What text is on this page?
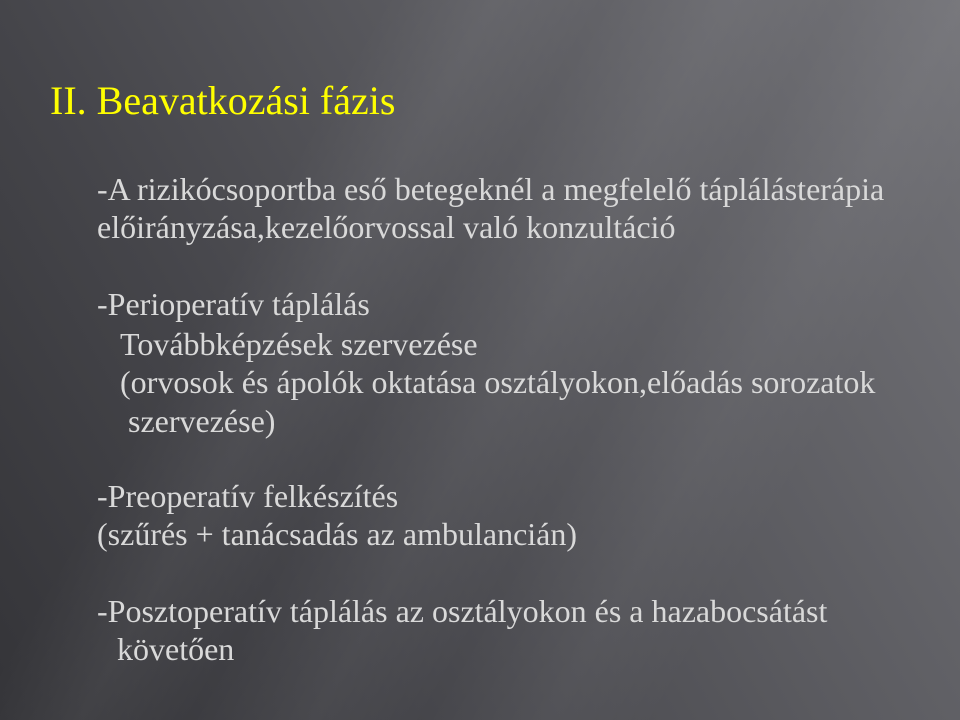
II. Beavatkozási fázis
-A rizikócsoportba eső betegeknél a megfelelő táplálásterápia
előirányzása,kezelőorvossal való konzultáció
-Perioperatív táplálás
Továbbképzések szervezése
(orvosok és ápolók oktatása osztályokon,előadás sorozatok
szervezése)
-Preoperatív felkészítés
(szűrés + tanácsadás az ambulancián)
-Posztoperatív táplálás az osztályokon és a hazabocsátást
követően
